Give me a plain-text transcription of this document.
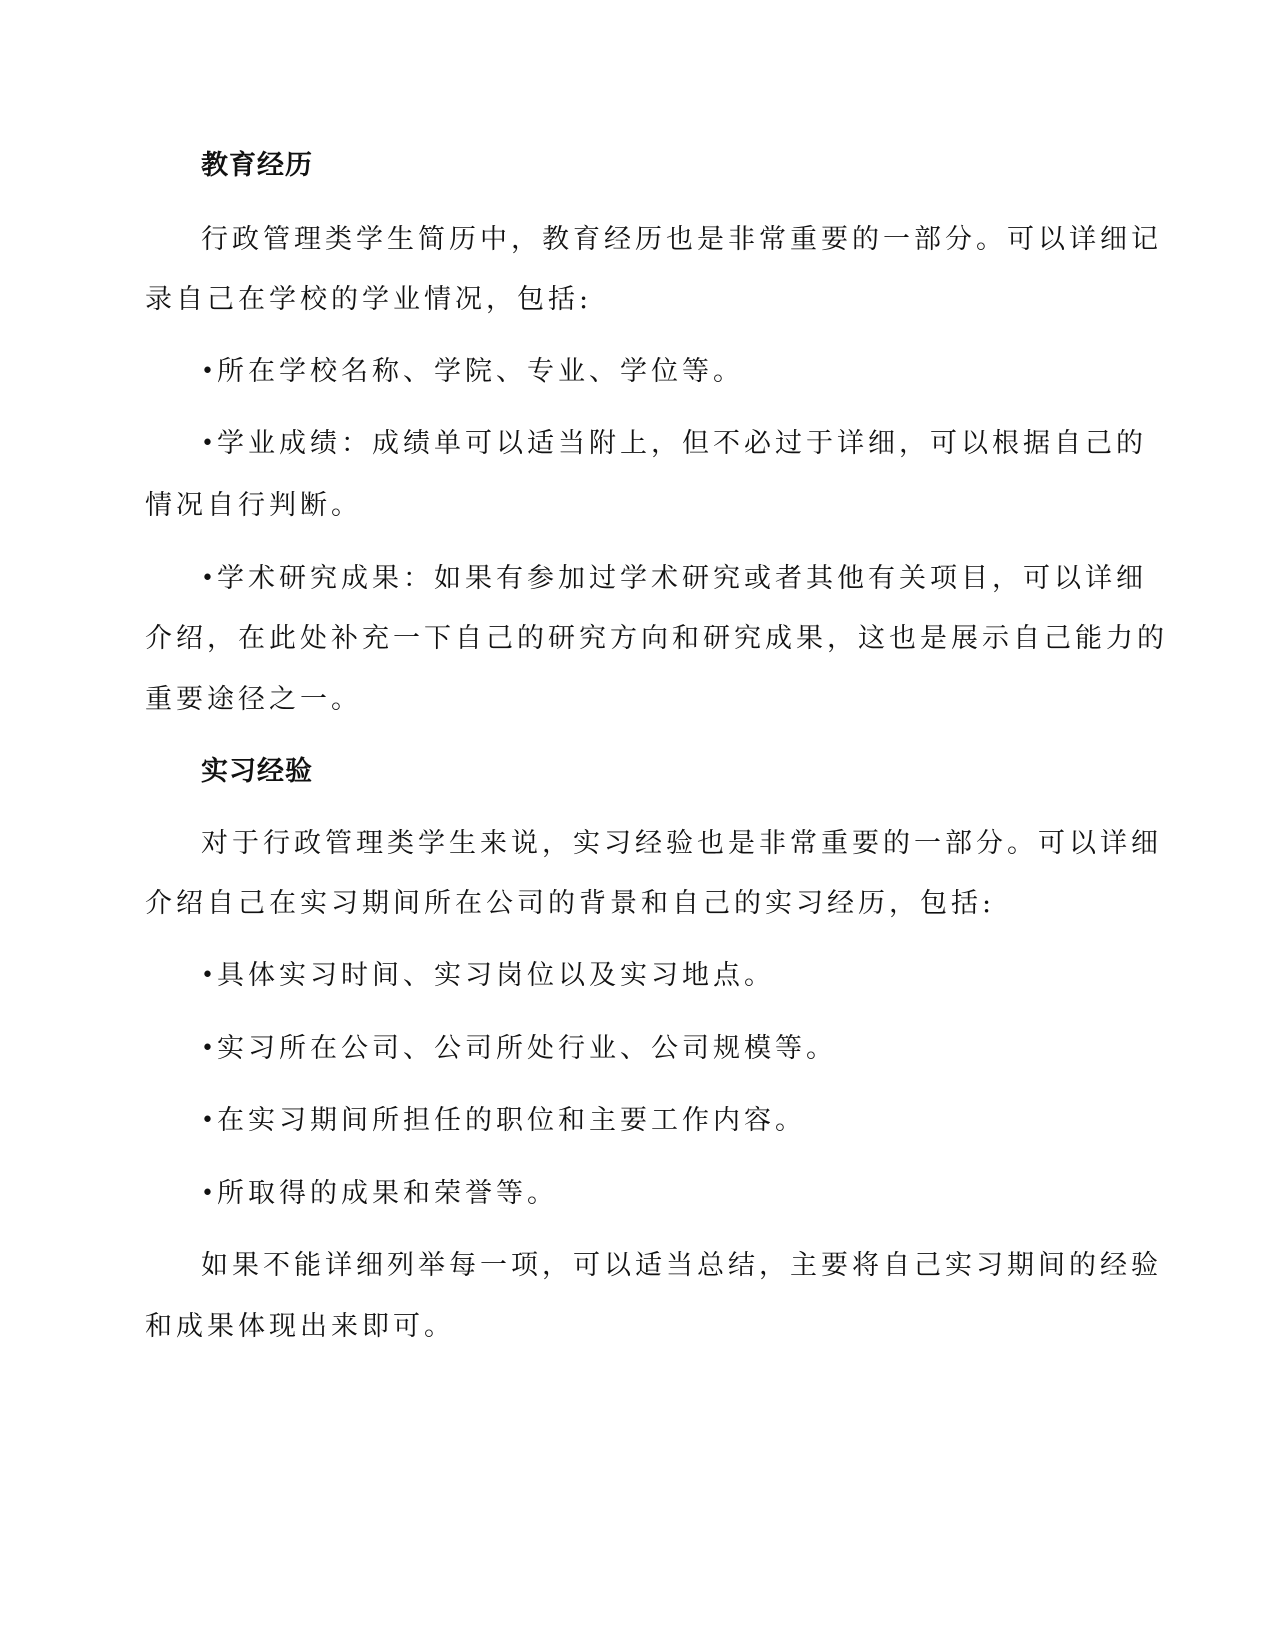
教育经历
行政管理类学生简历中，教育经历也是非常重要的一部分。可以详细记
录自己在学校的学业情况，包括:
•所在学校名称、学院、专业、学位等。
•学业成绩：成绩单可以适当附上，但不必过于详细，可以根据自己的
情况自行判断。
•学术研究成果：如果有参加过学术研究或者其他有关项目，可以详细
介绍，在此处补充一下自己的研究方向和研究成果，这也是展示自己能力的
重要途径之一。
实习经验
对于行政管理类学生来说，实习经验也是非常重要的一部分。可以详细
介绍自己在实习期间所在公司的背景和自己的实习经历，包括:
•具体实习时间、实习岗位以及实习地点。
•实习所在公司、公司所处行业、公司规模等。
•在实习期间所担任的职位和主要工作内容。
•所取得的成果和荣誉等。
如果不能详细列举每一项，可以适当总结，主要将自己实习期间的经验
和成果体现出来即可。
